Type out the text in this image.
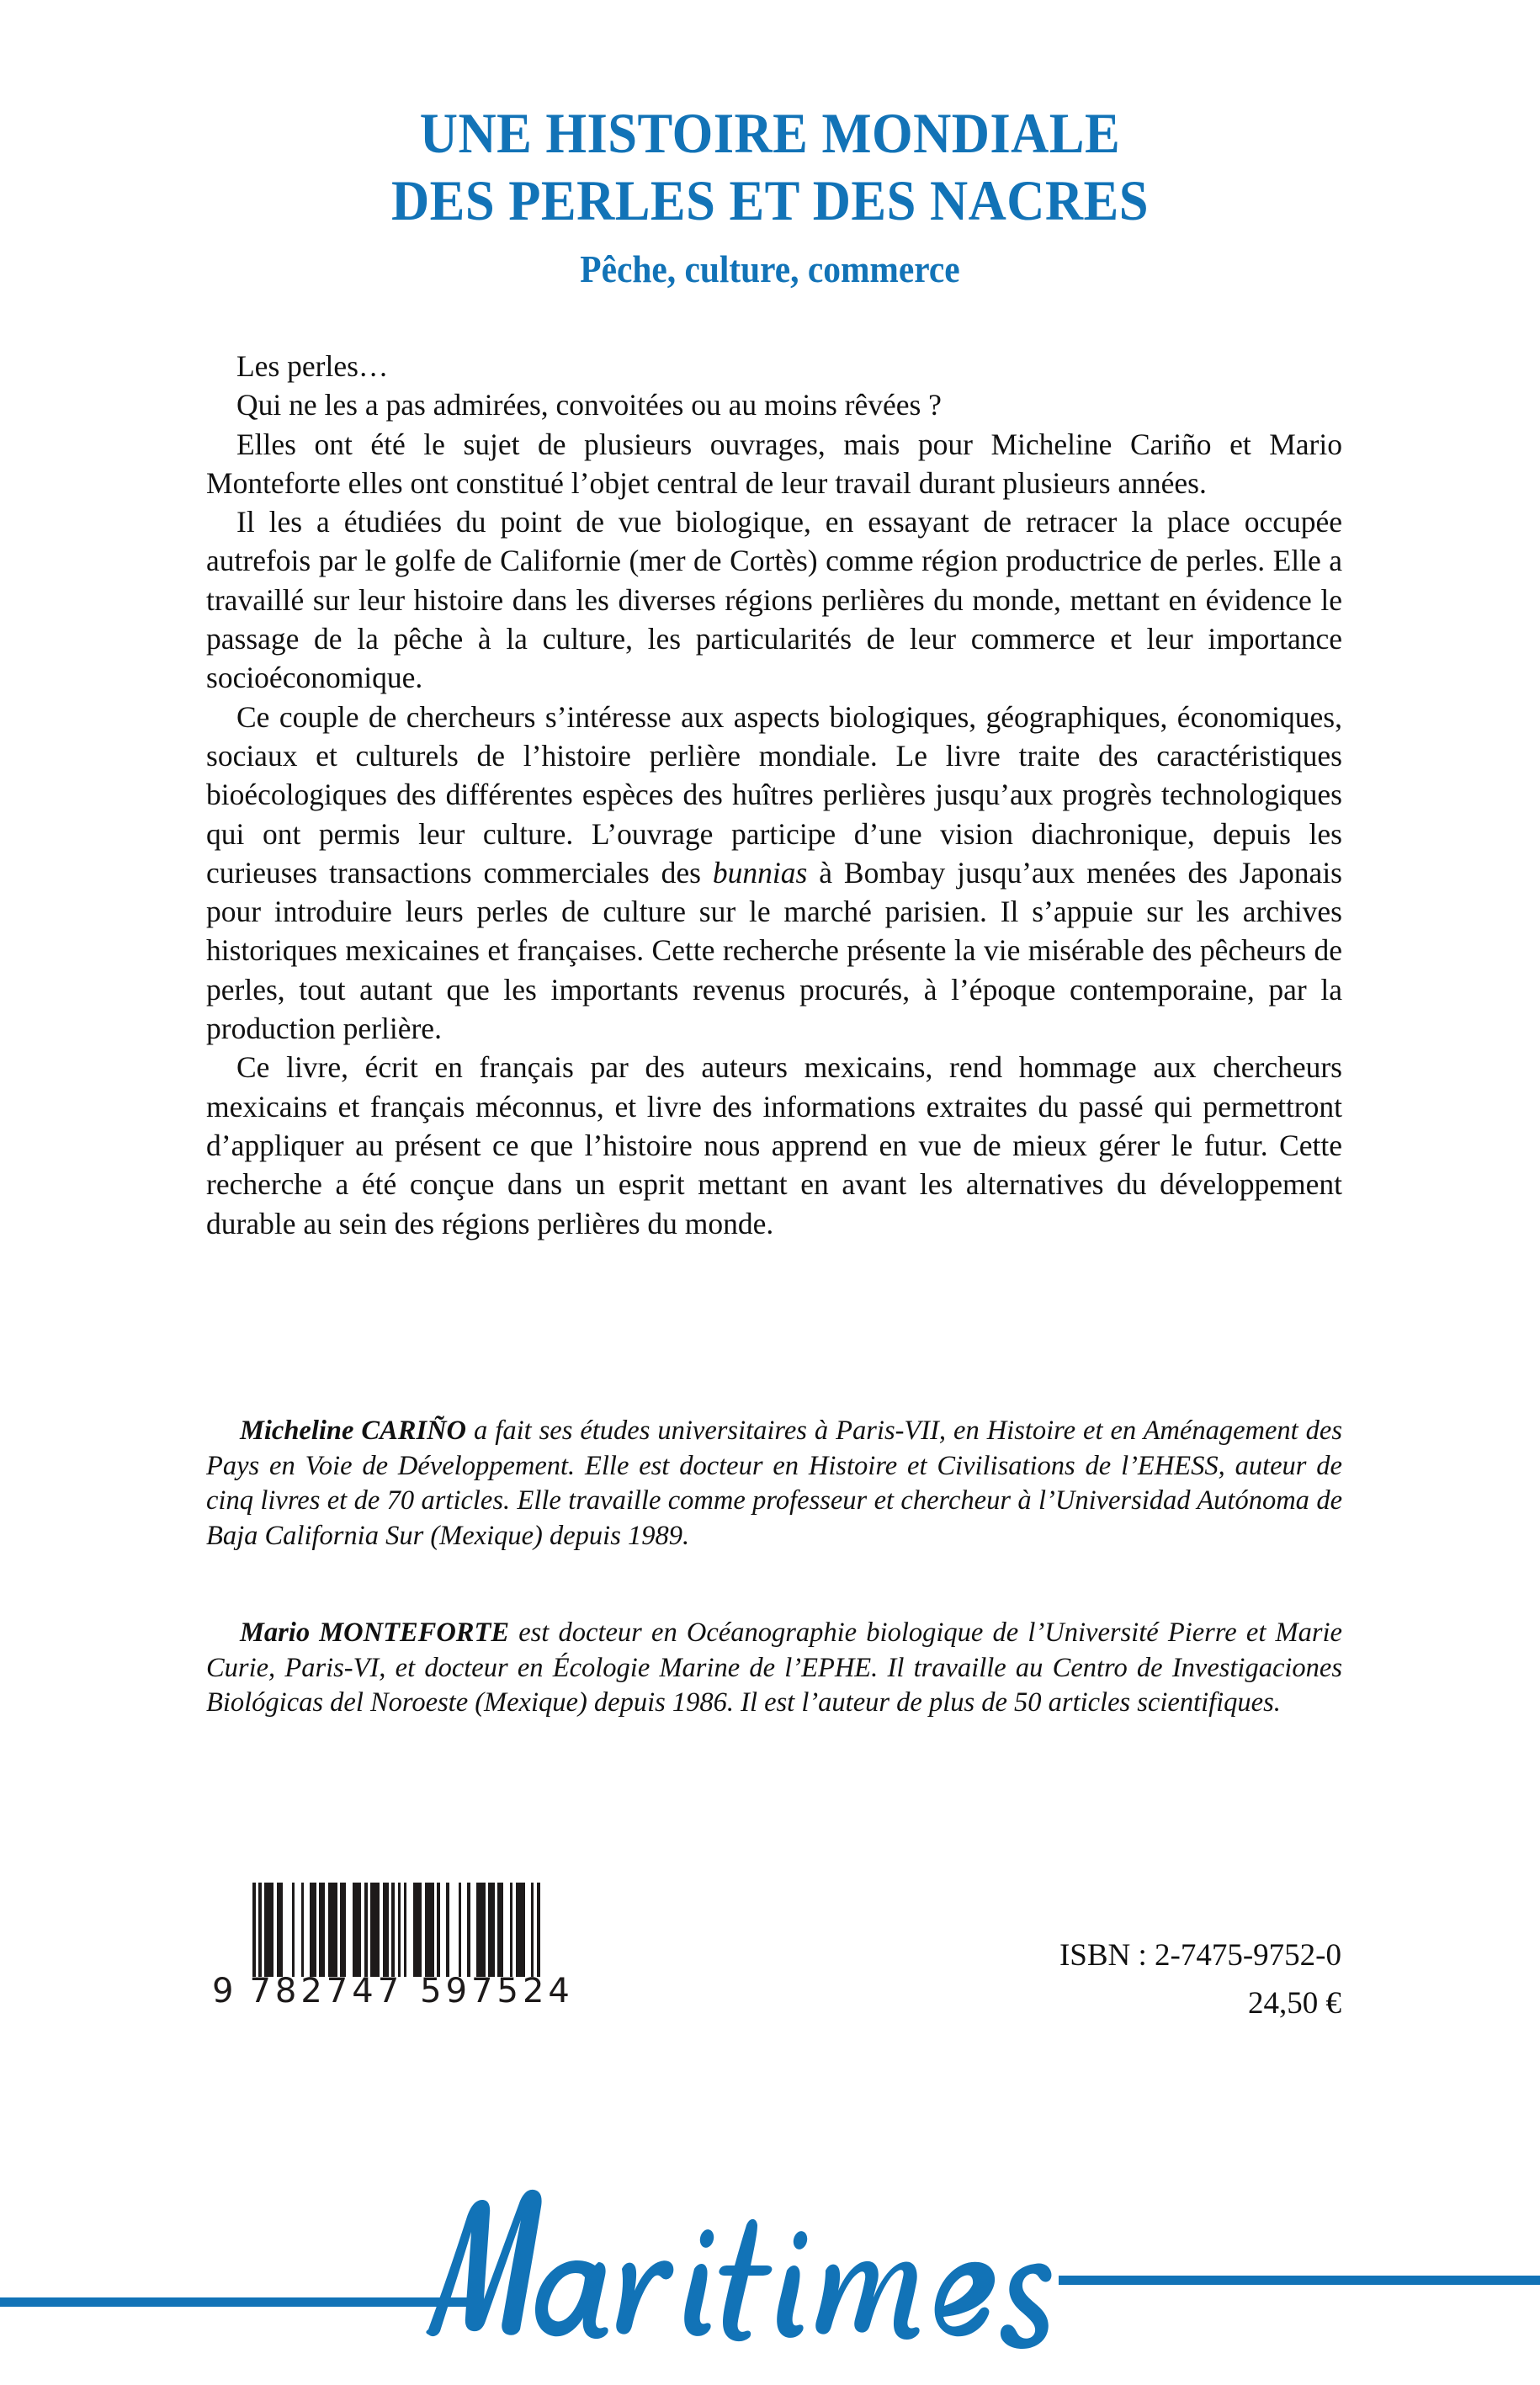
UNE HISTOIRE MONDIALE
DES PERLES ET DES NACRES
Pêche, culture, commerce

Les perles…

Qui ne les a pas admirées, convoitées ou au moins rêvées ?

Elles ont été le sujet de plusieurs ouvrages, mais pour Micheline Cariño et Mario Monteforte elles ont constitué l’objet central de leur travail durant plusieurs années.

Il les a étudiées du point de vue biologique, en essayant de retracer la place occupée autrefois par le golfe de Californie (mer de Cortès) comme région productrice de perles. Elle a travaillé sur leur histoire dans les diverses régions perlières du monde, mettant en évidence le passage de la pêche à la culture, les particularités de leur commerce et leur importance socioéconomique.

Ce couple de chercheurs s’intéresse aux aspects biologiques, géographiques, économiques, sociaux et culturels de l’histoire perlière mondiale. Le livre traite des caractéristiques bioécologiques des différentes espèces des huîtres perlières jusqu’aux progrès technologiques qui ont permis leur culture. L’ouvrage participe d’une vision diachronique, depuis les curieuses transactions commerciales des bunnias à Bombay jusqu’aux menées des Japonais pour introduire leurs perles de culture sur le marché parisien. Il s’appuie sur les archives historiques mexicaines et françaises. Cette recherche présente la vie misérable des pêcheurs de perles, tout autant que les importants revenus procurés, à l’époque contemporaine, par la production perlière.

Ce livre, écrit en français par des auteurs mexicains, rend hommage aux chercheurs mexicains et français méconnus, et livre des informations extraites du passé qui permettront d’appliquer au présent ce que l’histoire nous apprend en vue de mieux gérer le futur. Cette recherche a été conçue dans un esprit mettant en avant les alternatives du développement durable au sein des régions perlières du monde.

Micheline CARIÑO a fait ses études universitaires à Paris-VII, en Histoire et en Aménagement des Pays en Voie de Développement. Elle est docteur en Histoire et Civilisations de l’EHESS, auteur de cinq livres et de 70 articles. Elle travaille comme professeur et chercheur à l’Universidad Autónoma de Baja California Sur (Mexique) depuis 1989.

Mario MONTEFORTE est docteur en Océanographie biologique de l’Université Pierre et Marie Curie, Paris-VI, et docteur en Écologie Marine de l’EPHE. Il travaille au Centro de Investigaciones Biológicas del Noroeste (Mexique) depuis 1986. Il est l’auteur de plus de 50 articles scientifiques.

9 782747 597524
ISBN : 2-7475-9752-0
24,50 €
